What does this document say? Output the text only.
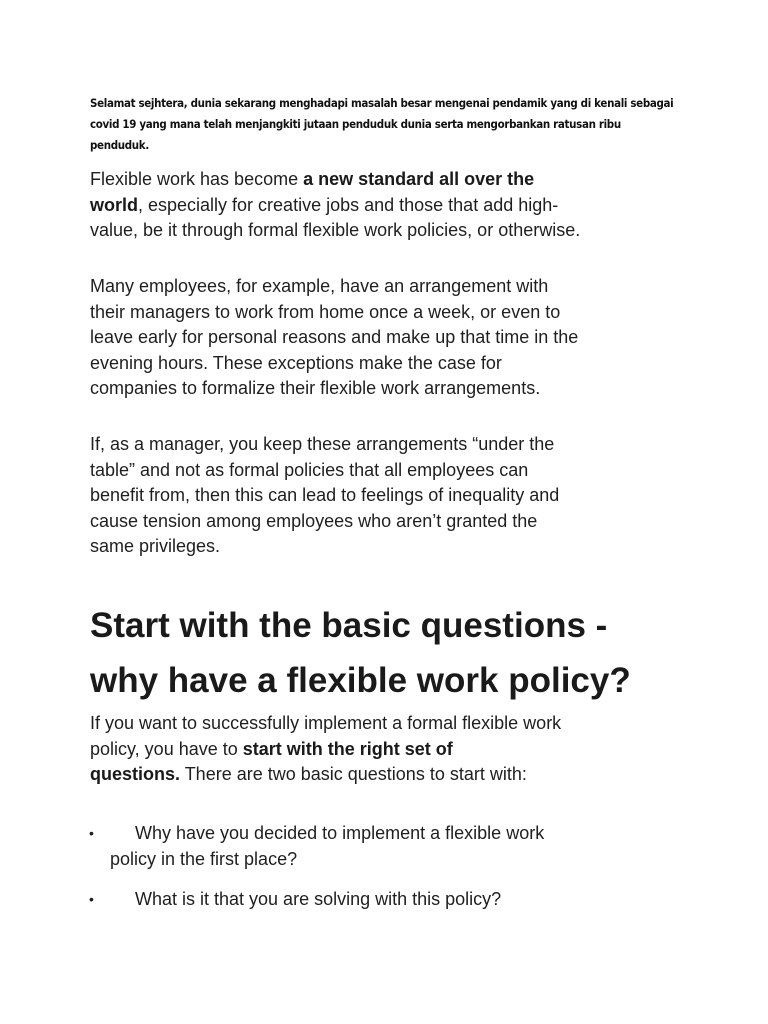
Selamat sejhtera, dunia sekarang menghadapi masalah besar mengenai pendamik yang di kenali sebagai
covid 19 yang mana telah menjangkiti jutaan penduduk dunia serta mengorbankan ratusan ribu
penduduk.
Flexible work has become a new standard all over the
world, especially for creative jobs and those that add high-
value, be it through formal flexible work policies, or otherwise.
Many employees, for example, have an arrangement with
their managers to work from home once a week, or even to
leave early for personal reasons and make up that time in the
evening hours. These exceptions make the case for
companies to formalize their flexible work arrangements.
If, as a manager, you keep these arrangements “under the
table” and not as formal policies that all employees can
benefit from, then this can lead to feelings of inequality and
cause tension among employees who aren’t granted the
same privileges.
Start with the basic questions -
why have a flexible work policy?
If you want to successfully implement a formal flexible work
policy, you have to start with the right set of
questions. There are two basic questions to start with:
•	Why have you decided to implement a flexible work
policy in the first place?
•	What is it that you are solving with this policy?
